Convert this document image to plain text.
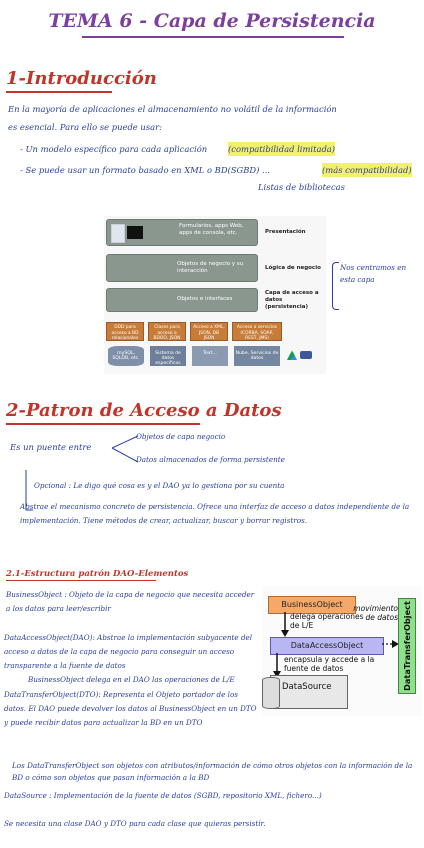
TEMA 6 - Capa de Persistencia
1-Introducción
En la mayoría de aplicaciones el almacenamiento no volátil de la información
es esencial. Para ello se puede usar:
- Un modelo específico para cada aplicación (compatibilidad limitada)
- Se puede usar un formato basado en XML o BD(SGBD) ...	(más compatibilidad)
Listas de bibliotecas
Formularios, apps Web, apps de consola, etc.	Presentación
Objetos de negocio y su interacción	Lógica de negocio
Objetos e interfaces
Capa de acceso a datos (persistencia)
Nos centramos en esta capa
DDD para acceso a BD relacionales
Clases para acceso a BDOO, JSON
Acceso a XML, JSON, DB JSON
Acceso a servicios (CORBA, SOAP, REST, JMS)
mySQL, SQLDB, etc.
Sistema de datos específicos
Text...	Nube, Servicios de datos
2-Patron de Acceso a Datos
Es un puente entre
Objetos de capa negocio
Datos almacenados de forma persistente
Opcional : Le digo qué cosa es y el DAO ya lo gestiona por su cuenta
Abstrae el mecanismo concreto de persistencia. Ofrece una interfaz de acceso a datos independiente de la implementación. Tiene métodos de crear, actualizar, buscar y borrar registros.
2.1-Estructura patrón DAO-Elementos
BusinessObject : Objeto de la capa de negocio que necesita acceder a los datos para leer/escribir
DataAccessObject(DAO): Abstrae la implementación subyacente del acceso a datos de la capa de negocio para conseguir un acceso transparente a la fuente de datos
BusinessObject delega en el DAO las operaciones de L/E
DataTransferObject(DTO): Representa el Objeto portador de los datos. El DAO puede devolver los datos al BusinessObject en un DTO y puede recibir datos para actualizar la BD en un DTO
Los DataTransferObject son objetos con atributos/información de cómo otros objetos con la información de la BD o cómo son objetos que pasan información a la BD
DataSource : Implementación de la fuente de datos (SGBD, repositorio XML, fichero...)
Se necesita una clase DAO y DTO para cada clase que quieras persistir.
BusinessObject
delega operaciones de L/E
DataAccessObject
movimiento de datos DataTransferObject
encapsula y accede a la fuente de datos
DataSource
